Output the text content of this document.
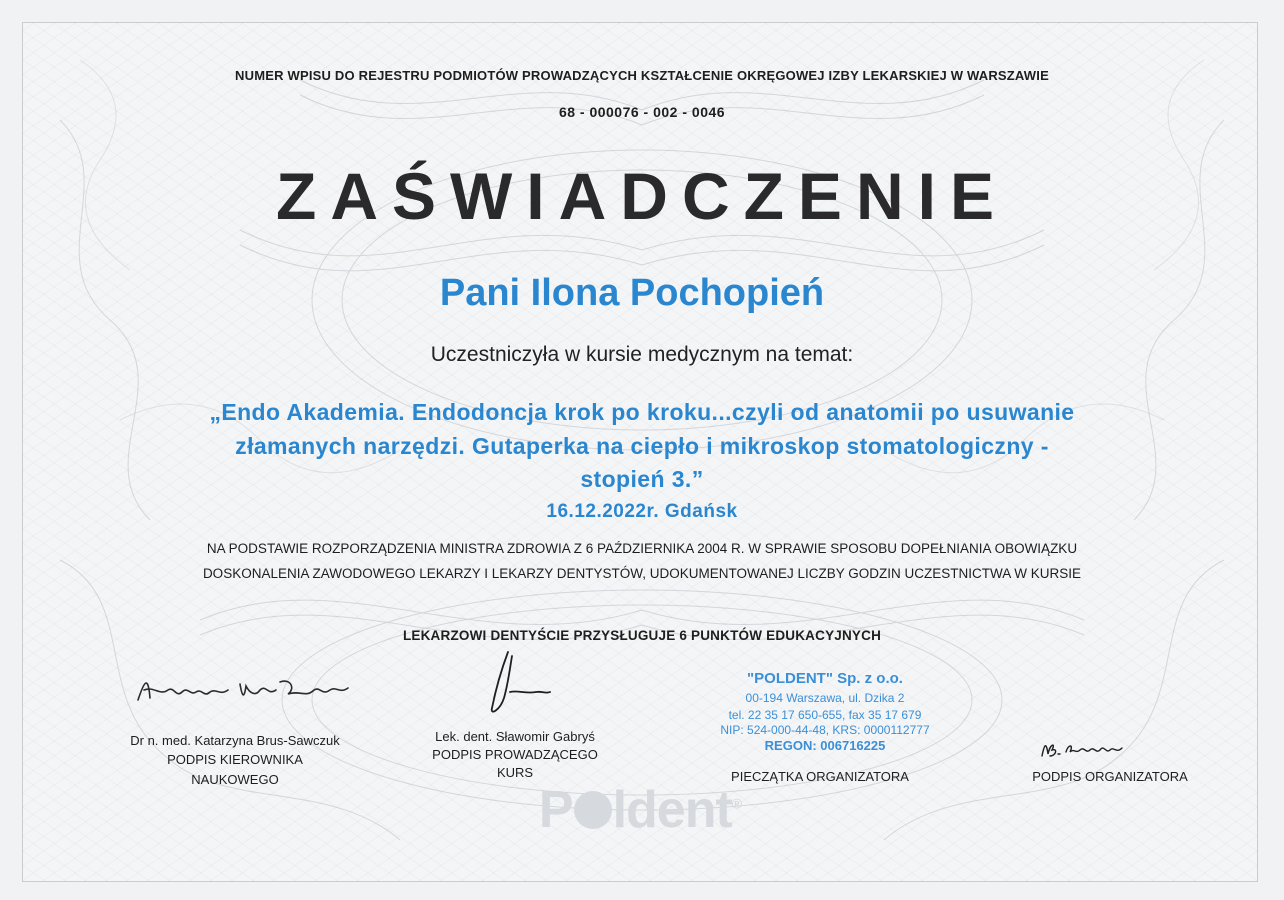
NUMER WPISU DO REJESTRU PODMIOTÓW PROWADZĄCYCH KSZTAŁCENIE OKRĘGOWEJ IZBY LEKARSKIEJ W WARSZAWIE
68 - 000076 - 002 - 0046
ZAŚWIADCZENIE
Pani Ilona Pochopień
Uczestniczyła w kursie medycznym na temat:
„Endo Akademia. Endodoncja krok po kroku...czyli od anatomii po usuwanie
złamanych narzędzi. Gutaperka na ciepło i mikroskop stomatologiczny -
stopień 3.”
16.12.2022r. Gdańsk
NA PODSTAWIE ROZPORZĄDZENIA MINISTRA ZDROWIA Z 6 PAŹDZIERNIKA 2004 R. W SPRAWIE SPOSOBU DOPEŁNIANIA OBOWIĄZKU
DOSKONALENIA ZAWODOWEGO LEKARZY I LEKARZY DENTYSTÓW, UDOKUMENTOWANEJ LICZBY GODZIN UCZESTNICTWA W KURSIE
LEKARZOWI DENTYŚCIE PRZYSŁUGUJE 6 PUNKTÓW EDUKACYJNYCH
Dr n. med. Katarzyna Brus-Sawczuk
PODPIS KIEROWNIKA
NAUKOWEGO
Lek. dent. Sławomir Gabryś
PODPIS PROWADZĄCEGO
KURS
"POLDENT" Sp. z o.o.
00-194 Warszawa, ul. Dzika 2
tel. 22 35 17 650-655, fax 35 17 679
NIP: 524-000-44-48, KRS: 0000112777
REGON: 006716225
PIECZĄTKA ORGANIZATORA	PODPIS ORGANIZATORA
P ldent®
